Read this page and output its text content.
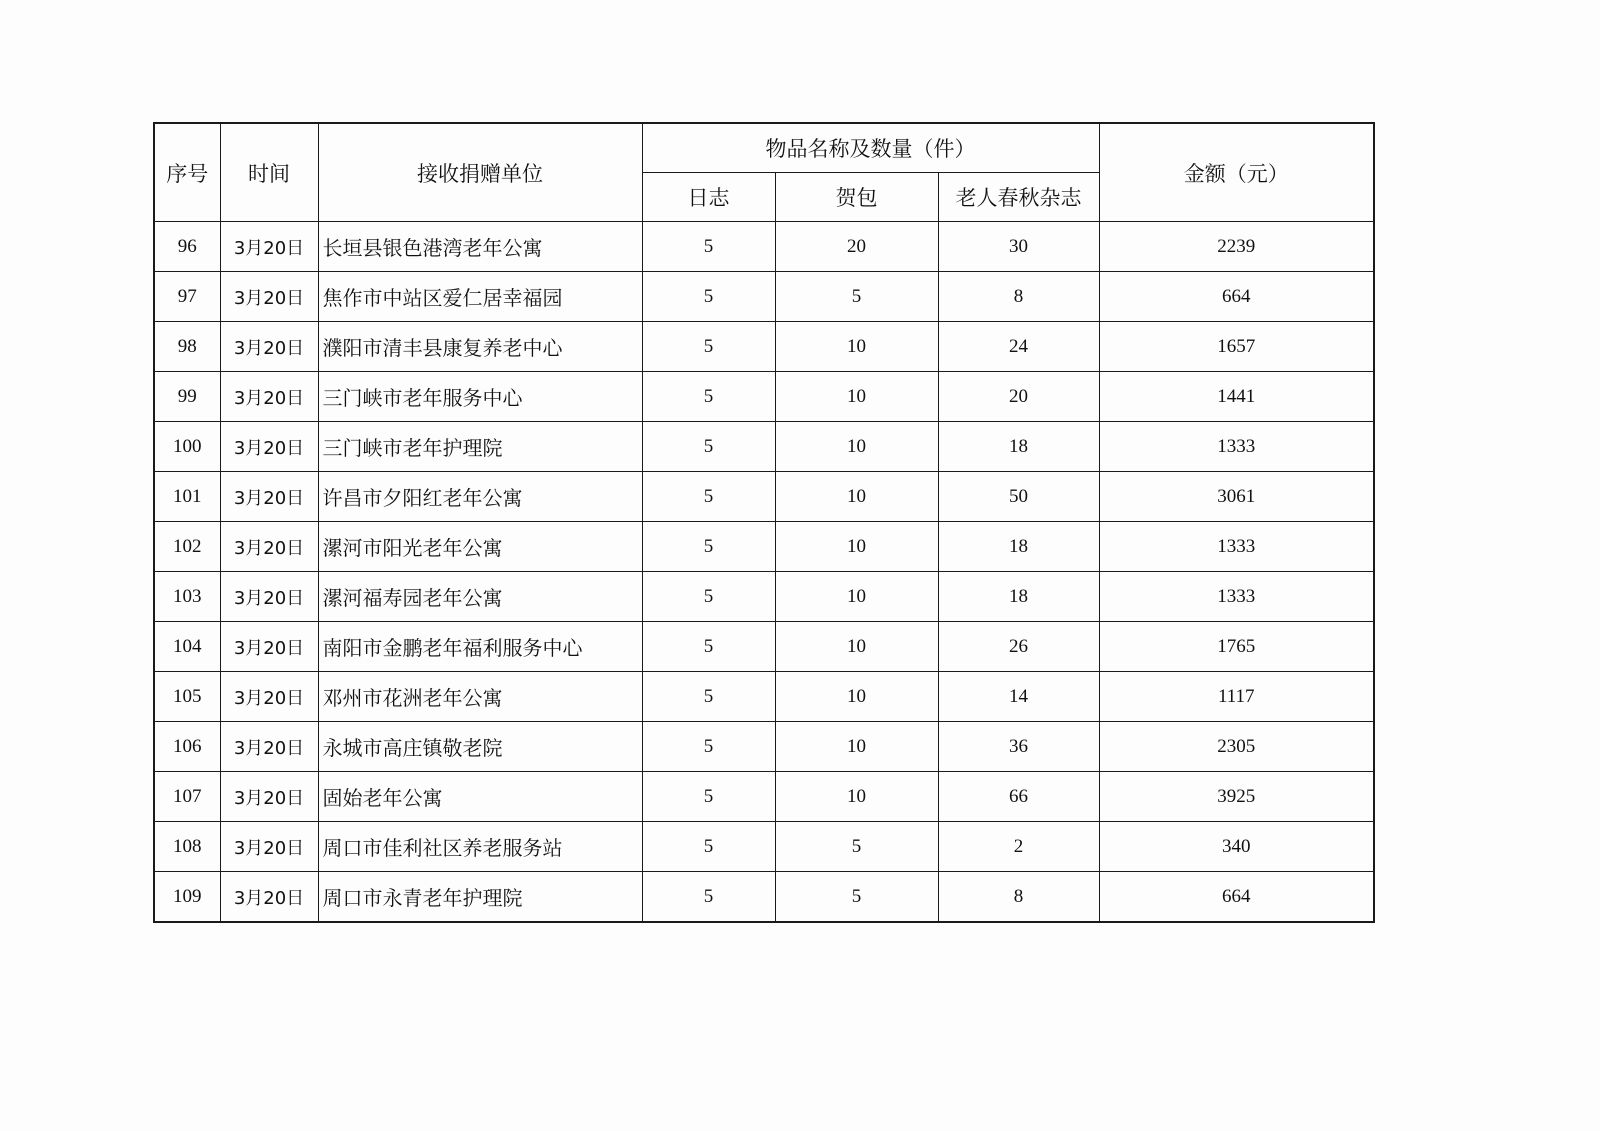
序号	时间	接收捐赠单位	物品名称及数量（件）			金额（元）
			日志	贺包	老人春秋杂志	
96	3月20日	长垣县银色港湾老年公寓	5	20	30	2239
97	3月20日	焦作市中站区爱仁居幸福园	5	5	8	664
98	3月20日	濮阳市清丰县康复养老中心	5	10	24	1657
99	3月20日	三门峡市老年服务中心	5	10	20	1441
100	3月20日	三门峡市老年护理院	5	10	18	1333
101	3月20日	许昌市夕阳红老年公寓	5	10	50	3061
102	3月20日	漯河市阳光老年公寓	5	10	18	1333
103	3月20日	漯河福寿园老年公寓	5	10	18	1333
104	3月20日	南阳市金鹏老年福利服务中心	5	10	26	1765
105	3月20日	邓州市花洲老年公寓	5	10	14	1117
106	3月20日	永城市高庄镇敬老院	5	10	36	2305
107	3月20日	固始老年公寓	5	10	66	3925
108	3月20日	周口市佳利社区养老服务站	5	5	2	340
109	3月20日	周口市永青老年护理院	5	5	8	664
